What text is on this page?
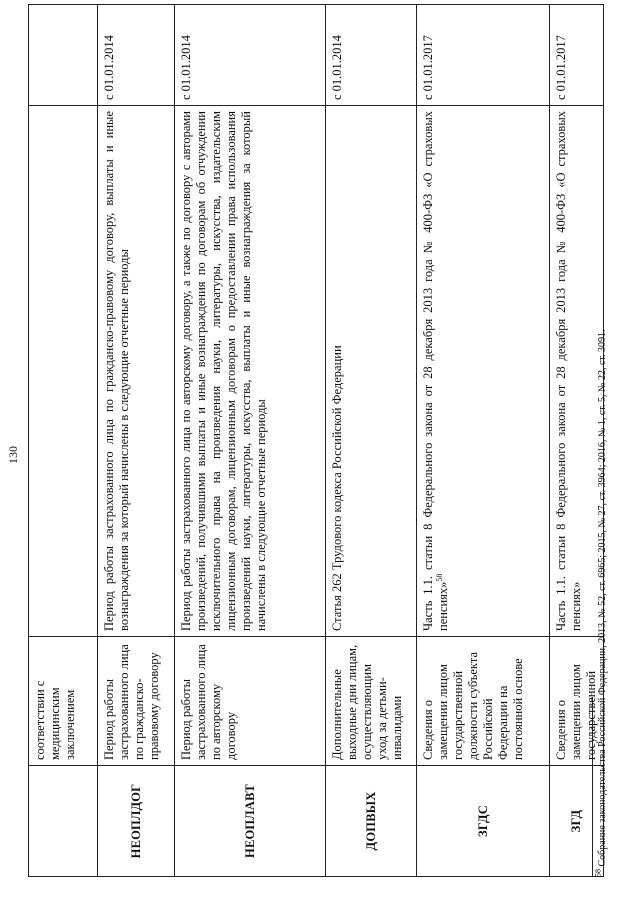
130
	соответствии с медицинским заключением		
НЕОПЛДОГ	Период работы застрахованного лица по гражданско-правовому договору	Период работы застрахованного лица по гражданско-правовому договору, выплаты и иные вознаграждения за который начислены в следующие отчетные периоды	с 01.01.2014
НЕОПЛАВТ	Период работы застрахованного лица по авторскому договору	Период работы застрахованного лица по авторскому договору, а также по договору с авторами произведений, получившими выплаты и иные вознаграждения по договорам об отчуждении исключительного права на произведения науки, литературы, искусства, издательским лицензионным договорам, лицензионным договорам о предоставлении права использования произведений науки, литературы, искусства, выплаты и иные вознаграждения за который начислены в следующие отчетные периоды	с 01.01.2014
ДОПВЫХ	Дополнительные выходные дни лицам, осуществляющим уход за детьми-инвалидами	Статья 262 Трудового кодекса Российской Федерации	с 01.01.2014
ЗГДС	Сведения о замещении лицом государственной должности субъекта Российской Федерации на постоянной основе	Часть 1.1. статьи 8 Федерального закона от 28 декабря 2013 года № 400-ФЗ «О страховых пенсиях»$^{58}$	с 01.01.2017
ЗГД	Сведения о замещении лицом государственной	Часть 1.1. статьи 8 Федерального закона от 28 декабря 2013 года № 400-ФЗ «О страховых пенсиях»	с 01.01.2017
$^{58}$ Собрание законодательства Российской Федерации, 2013, № 52, ст. 6965; 2015, № 27, ст. 3964; 2016, № 1, ст. 5, № 22, ст. 3091.
